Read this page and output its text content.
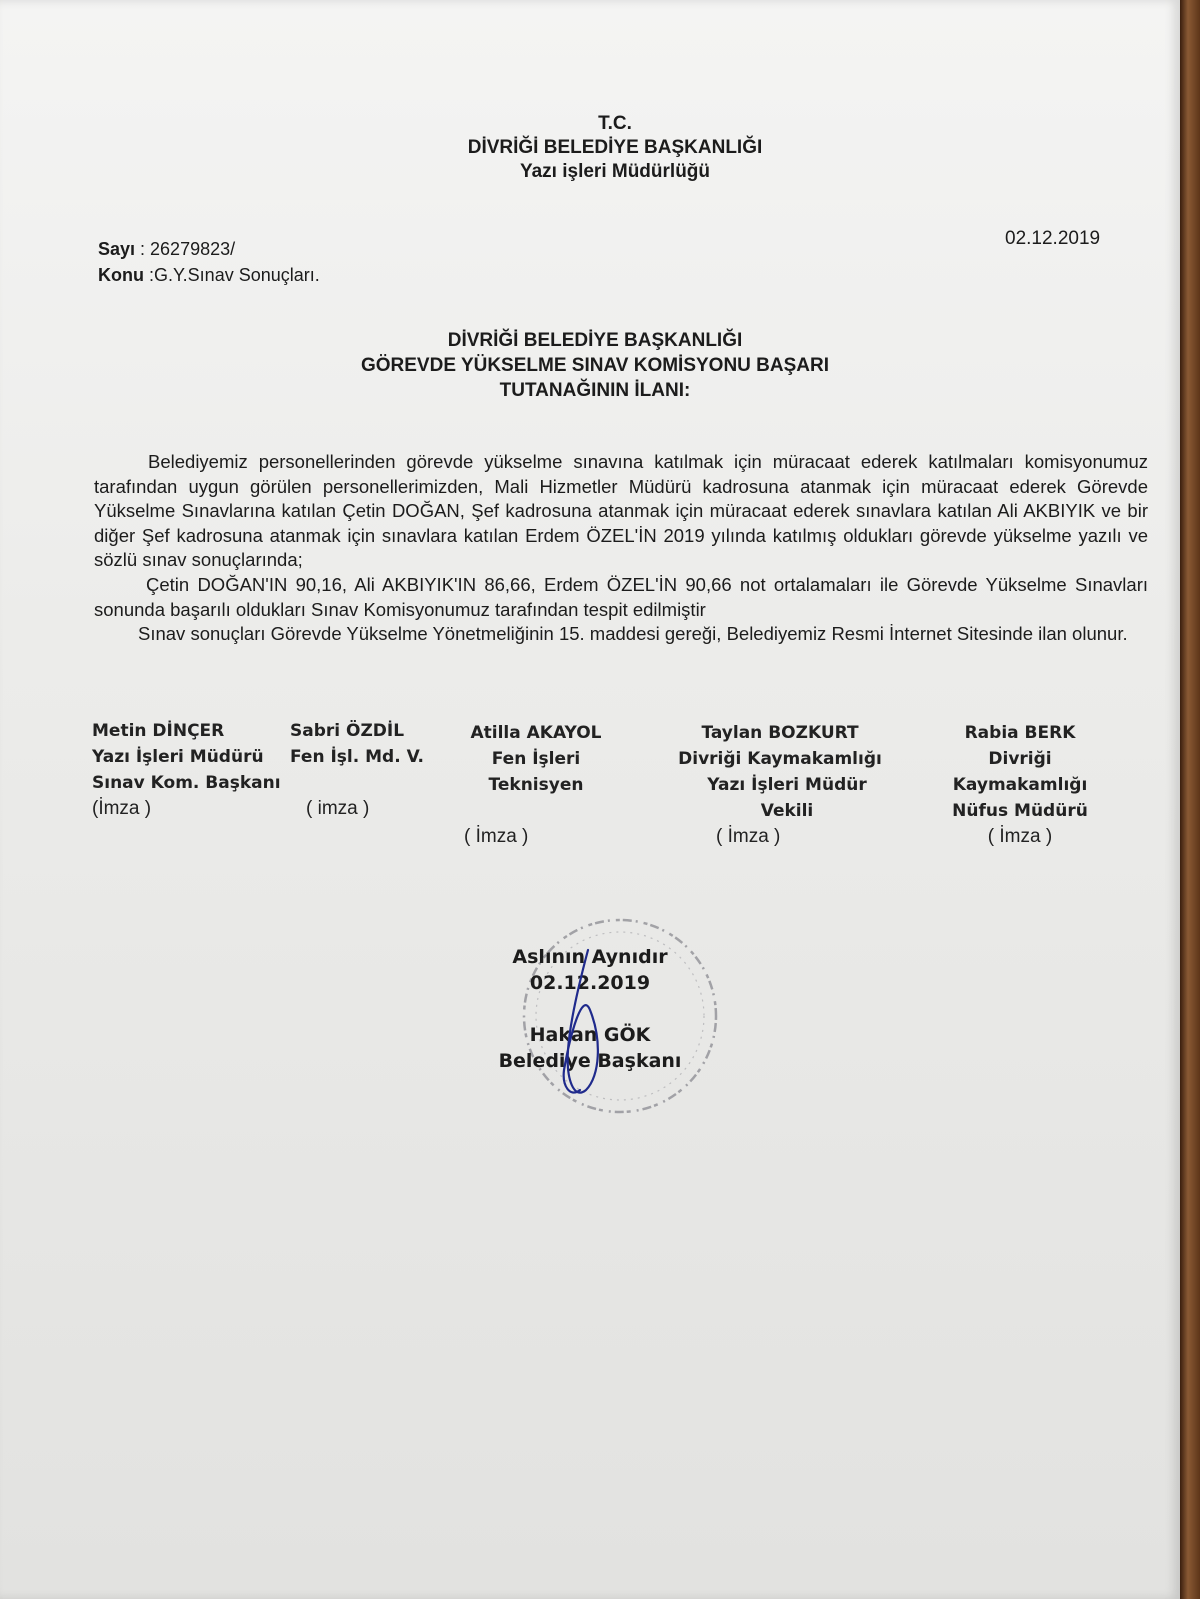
T.C.
DİVRİĞİ BELEDİYE BAŞKANLIĞI
Yazı işleri Müdürlüğü
Sayı : 26279823/
Konu :G.Y.Sınav Sonuçları.
02.12.2019
DİVRİĞİ BELEDİYE BAŞKANLIĞI
GÖREVDE YÜKSELME SINAV KOMİSYONU BAŞARI
TUTANAĞININ İLANI:

Belediyemiz personellerinden görevde yükselme sınavına katılmak için müracaat ederek katılmaları komisyonumuz tarafından uygun görülen personellerimizden, Mali Hizmetler Müdürü kadrosuna atanmak için müracaat ederek Görevde Yükselme Sınavlarına katılan Çetin DOĞAN, Şef kadrosuna atanmak için müracaat ederek sınavlara katılan Ali AKBIYIK ve bir diğer Şef kadrosuna atanmak için sınavlara katılan Erdem ÖZEL'İN 2019 yılında katılmış oldukları görevde yükselme yazılı ve sözlü sınav sonuçlarında;

Çetin DOĞAN'IN 90,16, Ali AKBIYIK'IN 86,66, Erdem ÖZEL'İN 90,66 not ortalamaları ile Görevde Yükselme Sınavları sonunda başarılı oldukları Sınav Komisyonumuz tarafından tespit edilmiştir

Sınav sonuçları Görevde Yükselme Yönetmeliğinin 15. maddesi gereği, Belediyemiz Resmi İnternet Sitesinde ilan olunur.

Metin DİNÇER
Yazı İşleri Müdürü
Sınav Kom. Başkanı
(İmza )
Sabri ÖZDİL
Fen İşl. Md. V.
( imza )
Atilla AKAYOL
Fen İşleri Teknisyen
( İmza )
Taylan BOZKURT
Divriği Kaymakamlığı
Yazı İşleri Müdür Vekili
( İmza )
Rabia BERK
Divriği Kaymakamlığı
Nüfus Müdürü
( İmza )
Aslının Aynıdır
02.12.2019
Hakan GÖK
Belediye Başkanı
